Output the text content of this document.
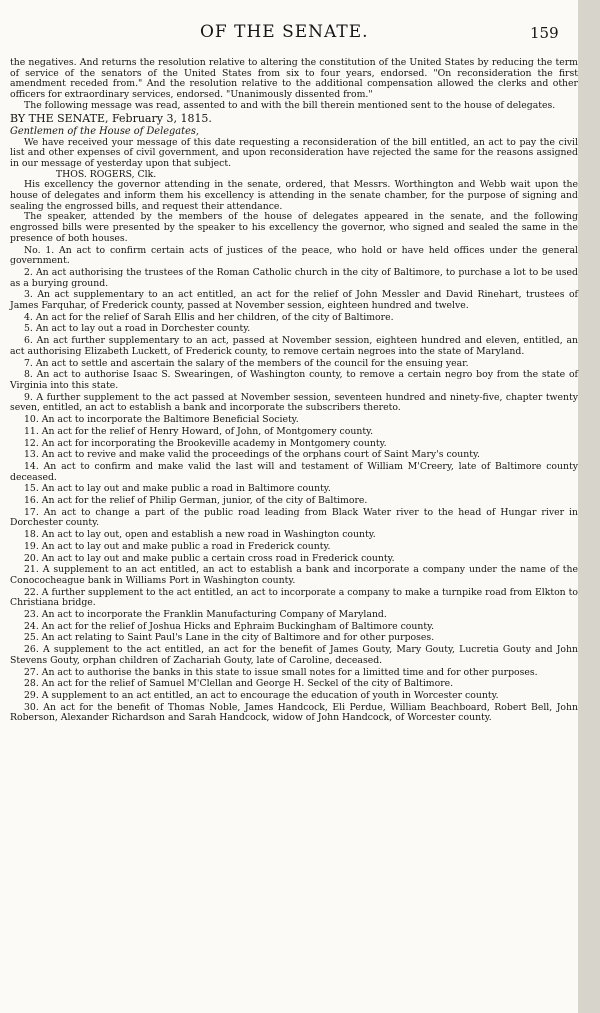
OF THE SENATE.	159

the negatives. And returns the resolution relative to altering the constitution of the United States by reducing the term of service of the senators of the United States from six to four years, endorsed. "On reconsideration the first amendment receded from." And the resolution relative to the additional compensation allowed the clerks and other officers for extraordinary services, endorsed. "Unanimously dissented from."

The following message was read, assented to and with the bill therein mentioned sent to the house of delegates.

BY THE SENATE, February 3, 1815.

Gentlemen of the House of Delegates,

We have received your message of this date requesting a reconsideration of the bill entitled, an act to pay the civil list and other expenses of civil government, and upon reconsideration have rejected the same for the reasons assigned in our message of yesterday upon that subject.

THOS. ROGERS, Clk.

His excellency the governor attending in the senate, ordered, that Messrs. Worthington and Webb wait upon the house of delegates and inform them his excellency is attending in the senate chamber, for the purpose of signing and sealing the engrossed bills, and request their attendance.

The speaker, attended by the members of the house of delegates appeared in the senate, and the following engrossed bills were presented by the speaker to his excellency the governor, who signed and sealed the same in the presence of both houses.

No. 1. An act to confirm certain acts of justices of the peace, who hold or have held offices under the general government.

2. An act authorising the trustees of the Roman Catholic church in the city of Baltimore, to purchase a lot to be used as a burying ground.

3. An act supplementary to an act entitled, an act for the relief of John Messler and David Rinehart, trustees of James Farquhar, of Frederick county, passed at November session, eighteen hundred and twelve.

4. An act for the relief of Sarah Ellis and her children, of the city of Baltimore.

5. An act to lay out a road in Dorchester county.

6. An act further supplementary to an act, passed at November session, eighteen hundred and eleven, entitled, an act authorising Elizabeth Luckett, of Frederick county, to remove certain negroes into the state of Maryland.

7. An act to settle and ascertain the salary of the members of the council for the ensuing year.

8. An act to authorise Isaac S. Swearingen, of Washington county, to remove a certain negro boy from the state of Virginia into this state.

9. A further supplement to the act passed at November session, seventeen hundred and ninety-five, chapter twenty seven, entitled, an act to establish a bank and incorporate the subscribers thereto.

10. An act to incorporate the Baltimore Beneficial Society.

11. An act for the relief of Henry Howard, of John, of Montgomery county.

12. An act for incorporating the Brookeville academy in Montgomery county.

13. An act to revive and make valid the proceedings of the orphans court of Saint Mary's county.

14. An act to confirm and make valid the last will and testament of William M'Creery, late of Baltimore county deceased.

15. An act to lay out and make public a road in Baltimore county.

16. An act for the relief of Philip German, junior, of the city of Baltimore.

17. An act to change a part of the public road leading from Black Water river to the head of Hungar river in Dorchester county.

18. An act to lay out, open and establish a new road in Washington county.

19. An act to lay out and make public a road in Frederick county.

20. An act to lay out and make public a certain cross road in Frederick county.

21. A supplement to an act entitled, an act to establish a bank and incorporate a company under the name of the Conococheague bank in Williams Port in Washington county.

22. A further supplement to the act entitled, an act to incorporate a company to make a turnpike road from Elkton to Christiana bridge.

23. An act to incorporate the Franklin Manufacturing Company of Maryland.

24. An act for the relief of Joshua Hicks and Ephraim Buckingham of Baltimore county.

25. An act relating to Saint Paul's Lane in the city of Baltimore and for other purposes.

26. A supplement to the act entitled, an act for the benefit of James Gouty, Mary Gouty, Lucretia Gouty and John Stevens Gouty, orphan children of Zachariah Gouty, late of Caroline, deceased.

27. An act to authorise the banks in this state to issue small notes for a limitted time and for other purposes.

28. An act for the relief of Samuel M'Clellan and George H. Seckel of the city of Baltimore.

29. A supplement to an act entitled, an act to encourage the education of youth in Worcester county.

30. An act for the benefit of Thomas Noble, James Handcock, Eli Perdue, William Beachboard, Robert Bell, John Roberson, Alexander Richardson and Sarah Handcock, widow of John Handcock, of Worcester county.
